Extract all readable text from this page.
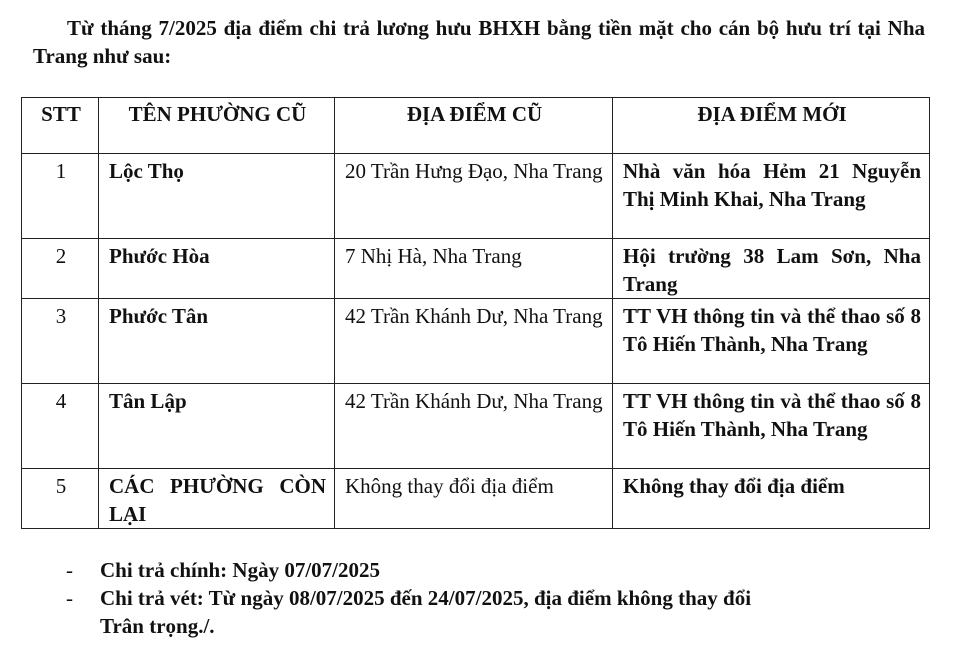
Từ tháng 7/2025 địa điểm chi trả lương hưu BHXH bằng tiền mặt cho cán bộ hưu trí tại Nha Trang như sau:

STT	TÊN PHƯỜNG CŨ	ĐỊA ĐIỂM CŨ	ĐỊA ĐIỂM MỚI
1	Lộc Thọ	20 Trần Hưng Đạo, Nha Trang	Nhà văn hóa Hẻm 21 Nguyễn Thị Minh Khai, Nha Trang
2	Phước Hòa	7 Nhị Hà, Nha Trang	Hội trường 38 Lam Sơn, Nha Trang
3	Phước Tân	42 Trần Khánh Dư, Nha Trang	TT VH thông tin và thể thao số 8 Tô Hiến Thành, Nha Trang
4	Tân Lập	42 Trần Khánh Dư, Nha Trang	TT VH thông tin và thể thao số 8 Tô Hiến Thành, Nha Trang
5	CÁC PHƯỜNG CÒN LẠI	Không thay đổi địa điểm	Không thay đổi địa điểm
- Chi trả chính: Ngày 07/07/2025
- Chi trả vét: Từ ngày 08/07/2025 đến 24/07/2025, địa điểm không thay đổi
Trân trọng./.
